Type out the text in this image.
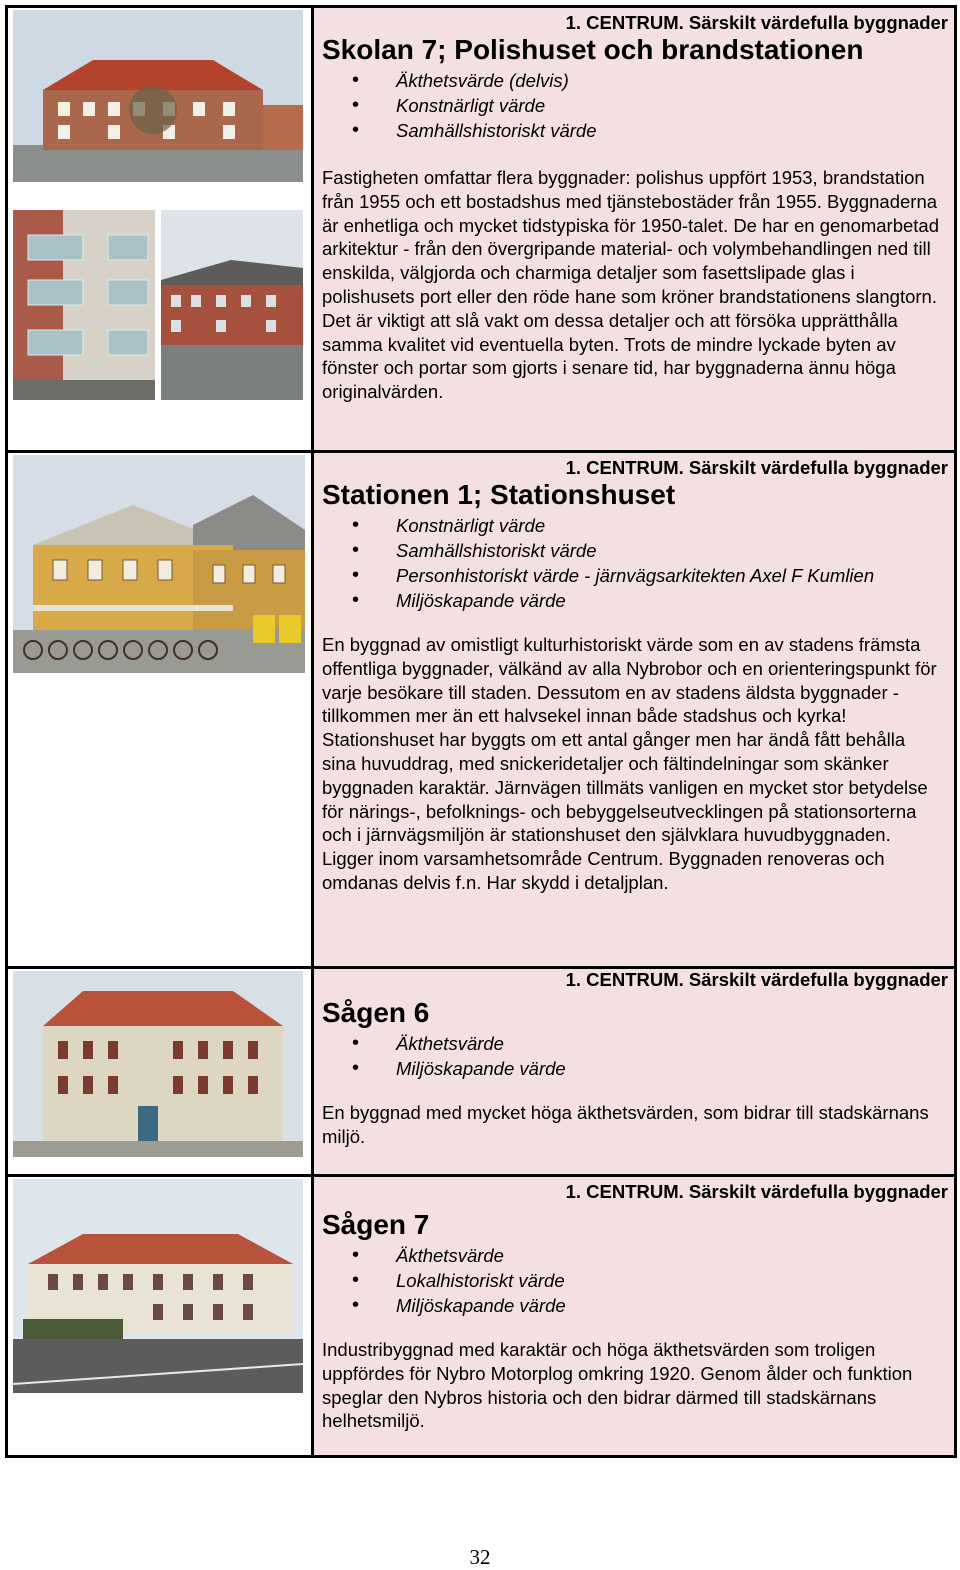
1. CENTRUM. Särskilt värdefulla byggnader
Skolan 7; Polishuset och brandstationen
• Äkthetsvärde (delvis)
• Konstnärligt värde
• Samhällshistoriskt värde

Fastigheten omfattar flera byggnader: polishus uppfört 1953, brandstation från 1955 och ett bostadshus med tjänstebostäder från 1955. Byggnaderna är enhetliga och mycket tidstypiska för 1950-talet. De har en genomarbetad arkitektur - från den övergripande material- och volymbehandlingen ned till enskilda, välgjorda och charmiga detaljer som fasettslipade glas i polishusets port eller den röde hane som kröner brandstationens slangtorn. Det är viktigt att slå vakt om dessa detaljer och att försöka upprätthålla samma kvalitet vid eventuella byten. Trots de mindre lyckade byten av fönster och portar som gjorts i senare tid, har byggnaderna ännu höga originalvärden.

1. CENTRUM. Särskilt värdefulla byggnader
Stationen 1; Stationshuset
• Konstnärligt värde
• Samhällshistoriskt värde
• Personhistoriskt värde - järnvägsarkitekten Axel F Kumlien
• Miljöskapande värde

En byggnad av omistligt kulturhistoriskt värde som en av stadens främsta offentliga byggnader, välkänd av alla Nybrobor och en orienteringspunkt för varje besökare till staden. Dessutom en av stadens äldsta byggnader - tillkommen mer än ett halvsekel innan både stadshus och kyrka! Stationshuset har byggts om ett antal gånger men har ändå fått behålla sina huvuddrag, med snickeridetaljer och fältindelningar som skänker byggnaden karaktär. Järnvägen tillmäts vanligen en mycket stor betydelse för närings-, befolknings- och bebyggelseutvecklingen på stationsorterna och i järnvägsmiljön är stationshuset den självklara huvudbyggnaden. Ligger inom varsamhetsområde Centrum. Byggnaden renoveras och omdanas delvis f.n. Har skydd i detaljplan.

1. CENTRUM. Särskilt värdefulla byggnader
Sågen 6
• Äkthetsvärde
• Miljöskapande värde

En byggnad med mycket höga äkthetsvärden, som bidrar till stadskärnans miljö.

1. CENTRUM. Särskilt värdefulla byggnader
Sågen 7
• Äkthetsvärde
• Lokalhistoriskt värde
• Miljöskapande värde

Industribyggnad med karaktär och höga äkthetsvärden som troligen uppfördes för Nybro Motorplog omkring 1920. Genom ålder och funktion speglar den Nybros historia och den bidrar därmed till stadskärnans helhetsmiljö.

32
